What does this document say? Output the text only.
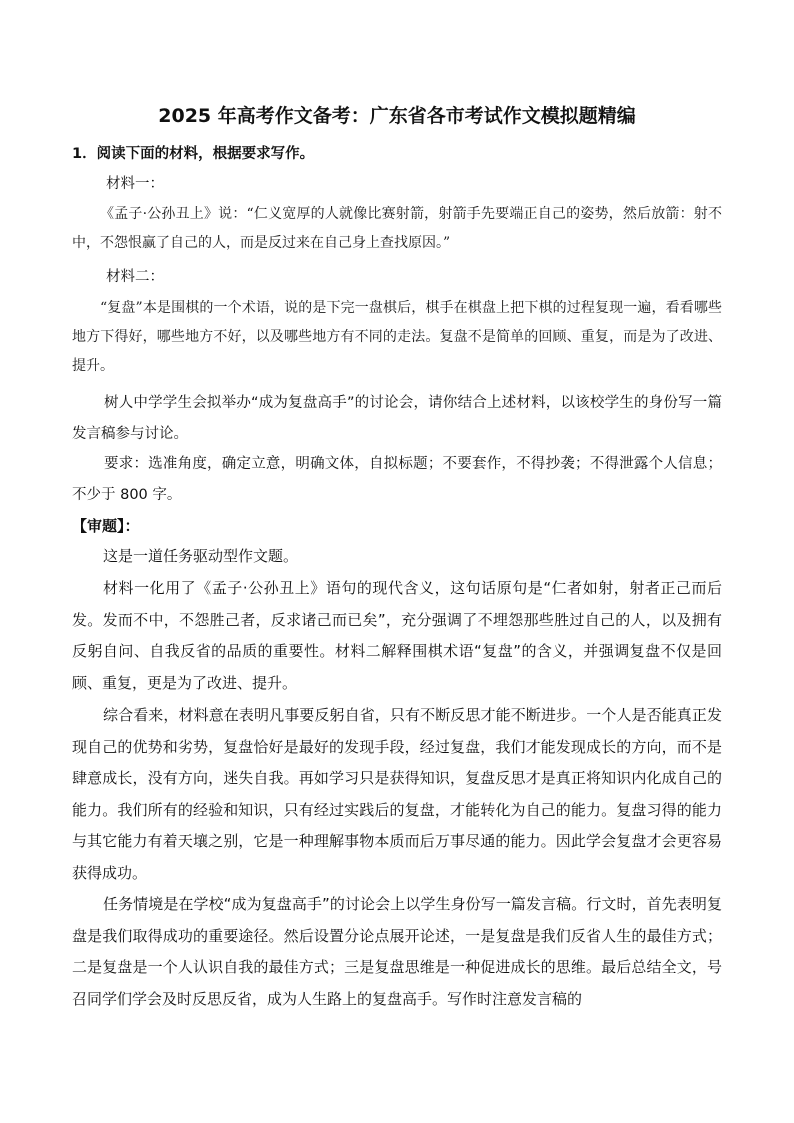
2025 年高考作文备考：广东省各市考试作文模拟题精编
1．阅读下面的材料，根据要求写作。
材料一：
《孟子·公孙丑上》说：“仁义宽厚的人就像比赛射箭，射箭手先要端正自己的姿势，然后放箭：射不中，不怨恨赢了自己的人，而是反过来在自己身上查找原因。”
材料二：
“复盘”本是围棋的一个术语，说的是下完一盘棋后，棋手在棋盘上把下棋的过程复现一遍，看看哪些地方下得好，哪些地方不好，以及哪些地方有不同的走法。复盘不是简单的回顾、重复，而是为了改进、提升。
树人中学学生会拟举办“成为复盘高手”的讨论会，请你结合上述材料，以该校学生的身份写一篇发言稿参与讨论。
要求：选准角度，确定立意，明确文体，自拟标题；不要套作，不得抄袭；不得泄露个人信息；不少于 800 字。
【审题】：
这是一道任务驱动型作文题。
材料一化用了《孟子·公孙丑上》语句的现代含义，这句话原句是“仁者如射，射者正己而后发。发而不中，不怨胜己者，反求诸己而已矣”，充分强调了不埋怨那些胜过自己的人，以及拥有反躬自问、自我反省的品质的重要性。材料二解释围棋术语“复盘”的含义，并强调复盘不仅是回顾、重复，更是为了改进、提升。
综合看来，材料意在表明凡事要反躬自省，只有不断反思才能不断进步。一个人是否能真正发现自己的优势和劣势，复盘恰好是最好的发现手段，经过复盘，我们才能发现成长的方向，而不是肆意成长，没有方向，迷失自我。再如学习只是获得知识，复盘反思才是真正将知识内化成自己的能力。我们所有的经验和知识，只有经过实践后的复盘，才能转化为自己的能力。复盘习得的能力与其它能力有着天壤之别，它是一种理解事物本质而后万事尽通的能力。因此学会复盘才会更容易获得成功。
任务情境是在学校“成为复盘高手”的讨论会上以学生身份写一篇发言稿。行文时，首先表明复盘是我们取得成功的重要途径。然后设置分论点展开论述，一是复盘是我们反省人生的最佳方式；二是复盘是一个人认识自我的最佳方式；三是复盘思维是一种促进成长的思维。最后总结全文，号召同学们学会及时反思反省，成为人生路上的复盘高手。写作时注意发言稿的
